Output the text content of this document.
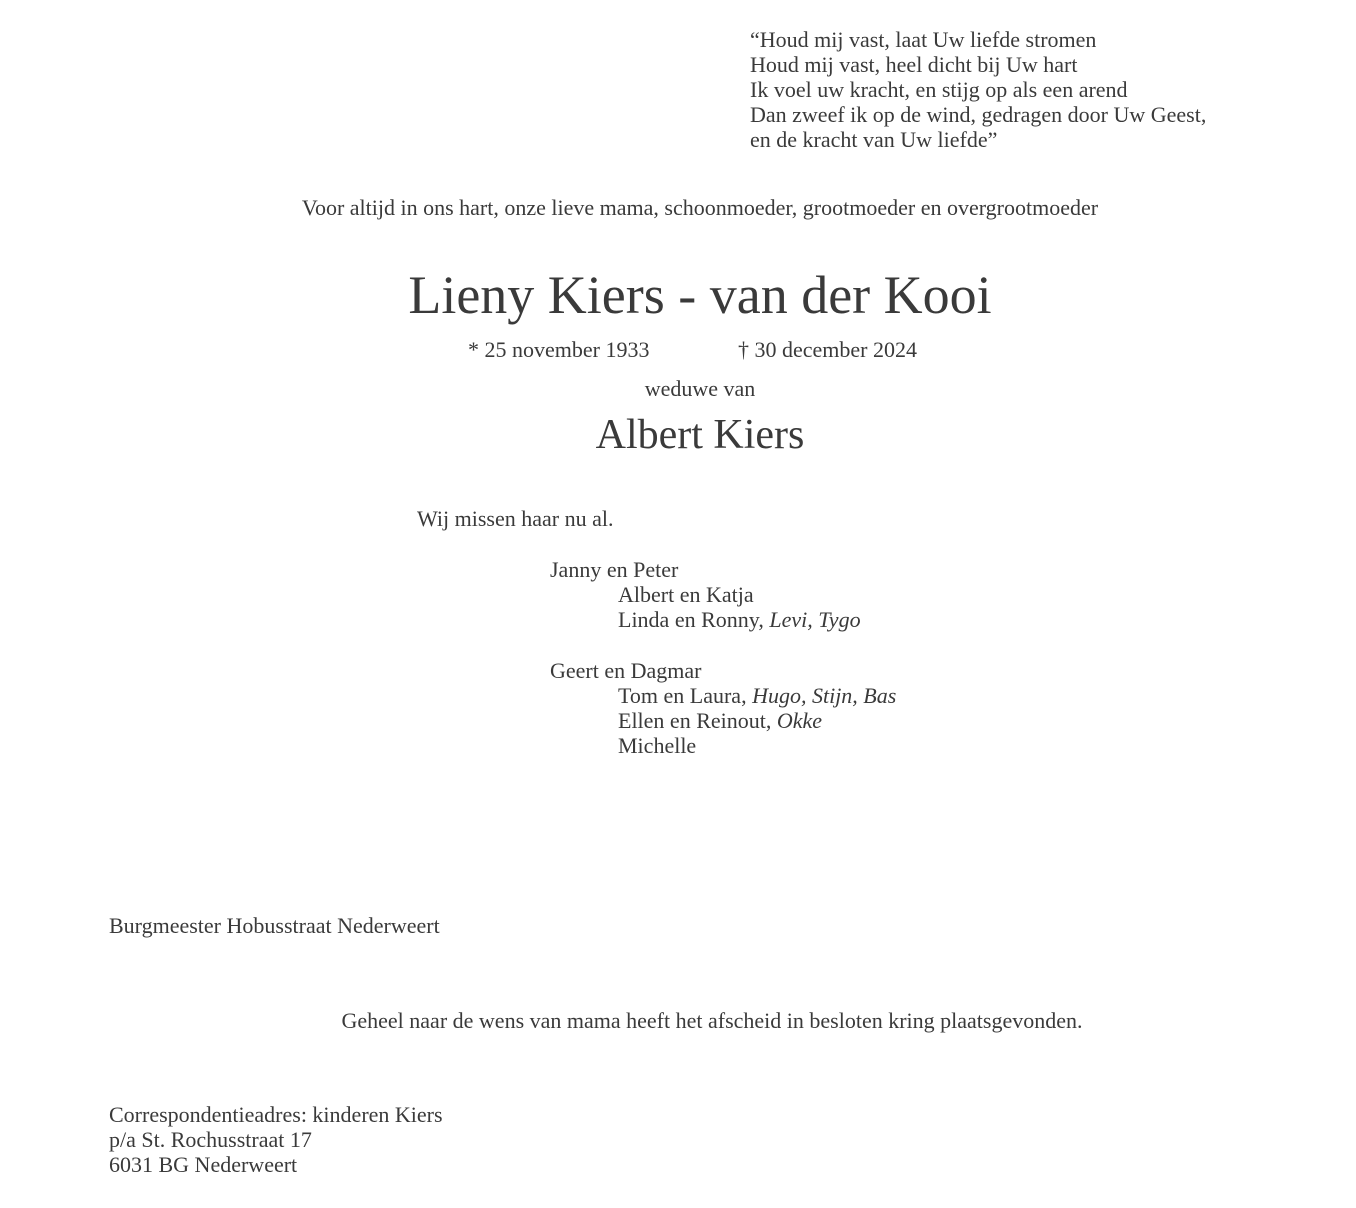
“Houd mij vast, laat Uw liefde stromen
Houd mij vast, heel dicht bij Uw hart
Ik voel uw kracht, en stijg op als een arend
Dan zweef ik op de wind, gedragen door Uw Geest,
en de kracht van Uw liefde”
Voor altijd in ons hart, onze lieve mama, schoonmoeder, grootmoeder en overgrootmoeder
Lieny Kiers - van der Kooi
* 25 november 1933	† 30 december 2024
weduwe van
Albert Kiers
Wij missen haar nu al.
Janny en Peter
Albert en Katja
Linda en Ronny, Levi, Tygo
Geert en Dagmar
Tom en Laura, Hugo, Stijn, Bas
Ellen en Reinout, Okke
Michelle
Burgmeester Hobusstraat Nederweert
Geheel naar de wens van mama heeft het afscheid in besloten kring plaatsgevonden.
Correspondentieadres: kinderen Kiers
p/a St. Rochusstraat 17
6031 BG Nederweert
